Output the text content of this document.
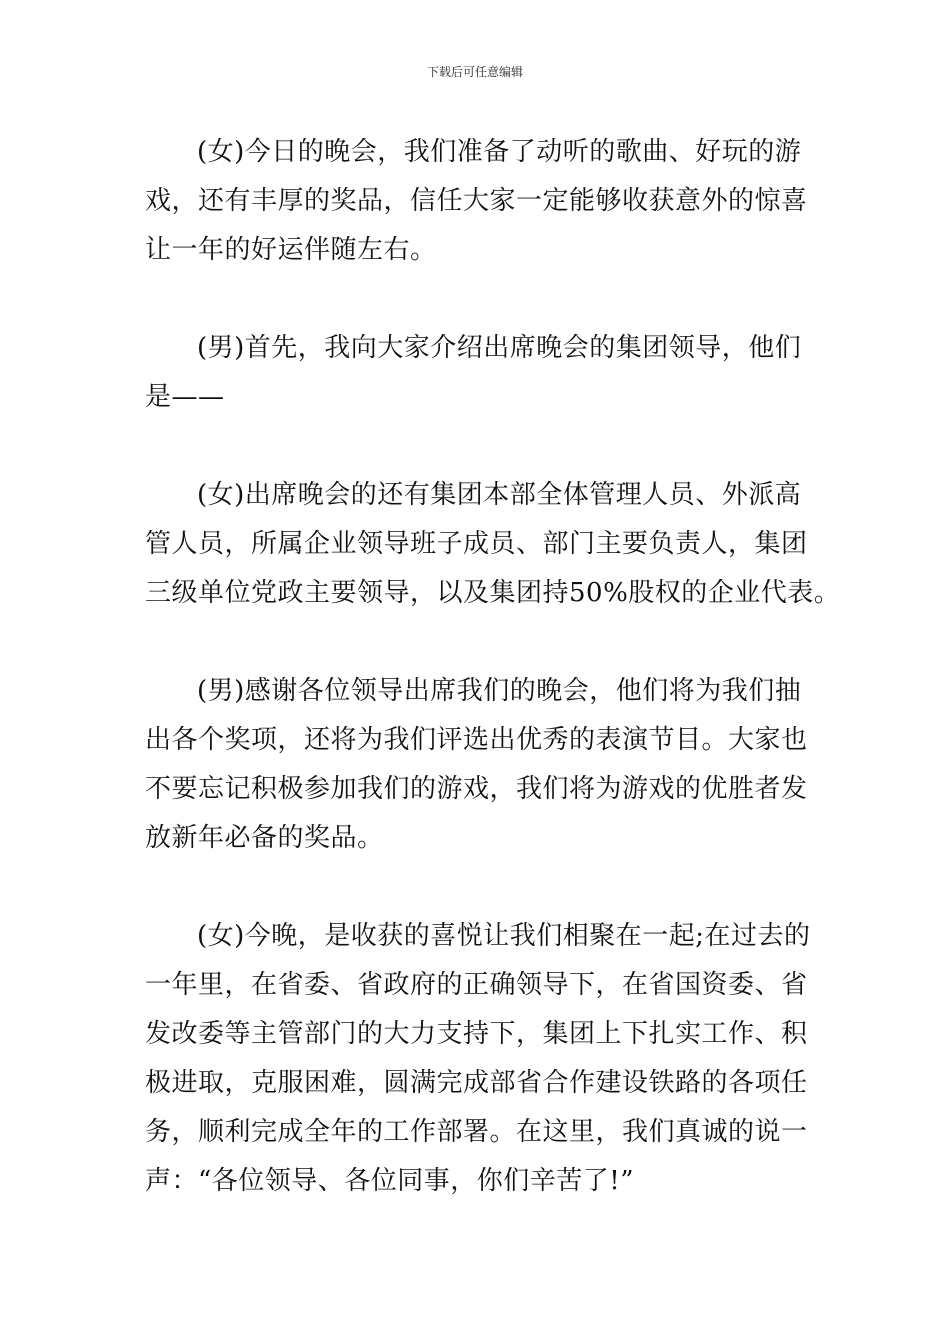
下载后可任意编辑
(女)今日的晚会，我们准备了动听的歌曲、好玩的游
戏，还有丰厚的奖品，信任大家一定能够收获意外的惊喜
让一年的好运伴随左右。
(男)首先，我向大家介绍出席晚会的集团领导，他们
是——
(女)出席晚会的还有集团本部全体管理人员、外派高
管人员，所属企业领导班子成员、部门主要负责人，集团
三级单位党政主要领导，以及集团持50%股权的企业代表。
(男)感谢各位领导出席我们的晚会，他们将为我们抽
出各个奖项，还将为我们评选出优秀的表演节目。大家也
不要忘记积极参加我们的游戏，我们将为游戏的优胜者发
放新年必备的奖品。
(女)今晚，是收获的喜悦让我们相聚在一起;在过去的
一年里，在省委、省政府的正确领导下，在省国资委、省
发改委等主管部门的大力支持下，集团上下扎实工作、积
极进取，克服困难，圆满完成部省合作建设铁路的各项任
务，顺利完成全年的工作部署。在这里，我们真诚的说一
声：“各位领导、各位同事，你们辛苦了!”
